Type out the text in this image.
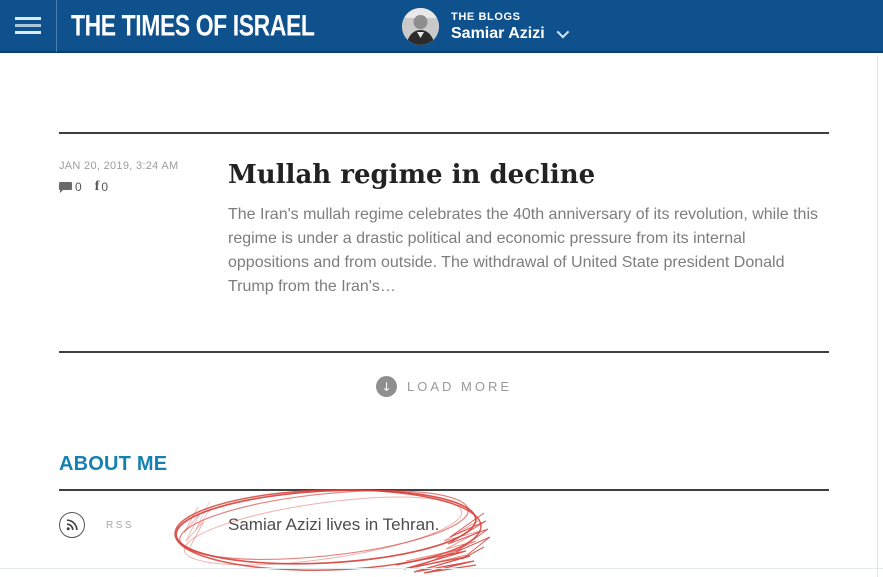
THE TIMES OF ISRAEL	THE BLOGS
Samiar Azizi
JAN 20, 2019, 3:24 AM
0 f 0	Mullah regime in decline

The Iran's mullah regime celebrates the 40th anniversary of its revolution, while this regime is under a drastic political and economic pressure from its internal oppositions and from outside. The withdrawal of United State president Donald Trump from the Iran's…

↓ LOAD MORE
ABOUT ME
RSS	Samiar Azizi lives in Tehran.
